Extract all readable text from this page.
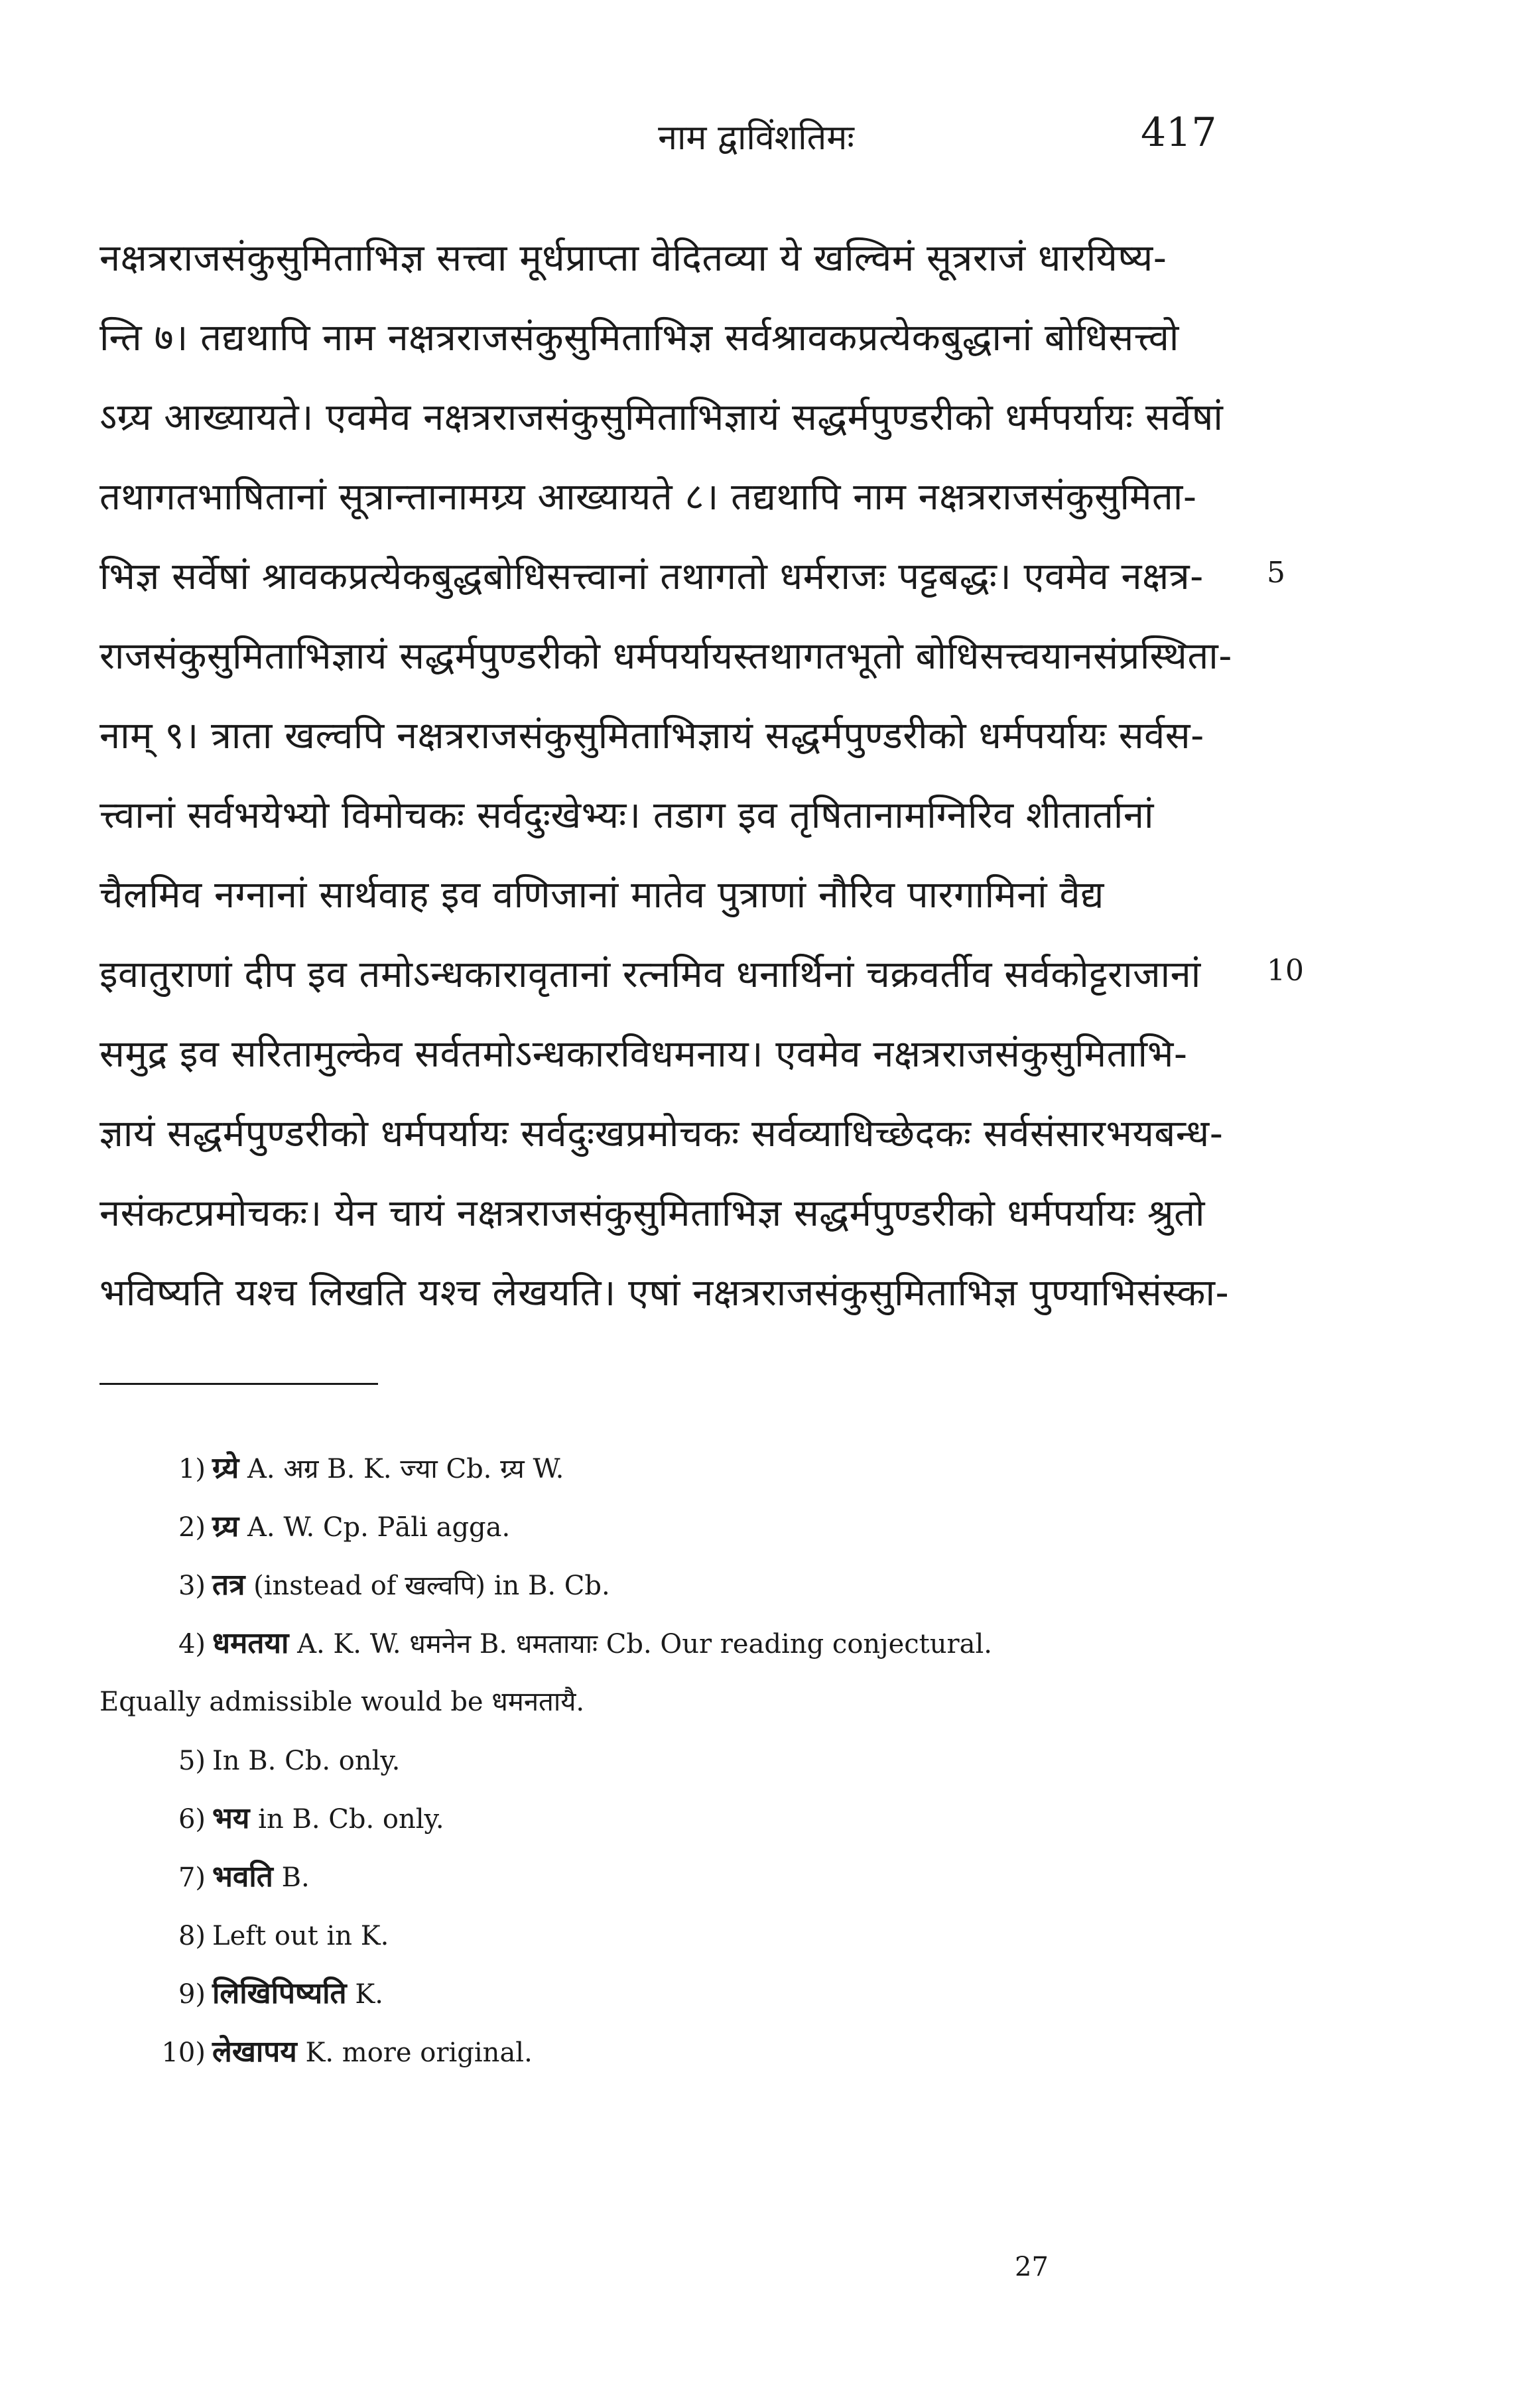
नाम द्वाविंशतिमः	417
नक्षत्रराजसंकुसुमिताभिज्ञ सत्त्वा मूर्धप्राप्ता वेदितव्या ये खल्विमं सूत्रराजं धारयिष्य-
न्ति ७। तद्यथापि नाम नक्षत्रराजसंकुसुमिताभिज्ञ सर्वश्रावकप्रत्येकबुद्धानां बोधिसत्त्वो
ऽग्र्य आख्यायते। एवमेव नक्षत्रराजसंकुसुमिताभिज्ञायं सद्धर्मपुण्डरीको धर्मपर्यायः सर्वेषां
तथागतभाषितानां सूत्रान्तानामग्र्य आख्यायते ८। तद्यथापि नाम नक्षत्रराजसंकुसुमिता-
भिज्ञ सर्वेषां श्रावकप्रत्येकबुद्धबोधिसत्त्वानां तथागतो धर्मराजः पट्टबद्धः। एवमेव नक्षत्र-
राजसंकुसुमिताभिज्ञायं सद्धर्मपुण्डरीको धर्मपर्यायस्तथागतभूतो बोधिसत्त्वयानसंप्रस्थिता-
नाम् ९। त्राता खल्वपि नक्षत्रराजसंकुसुमिताभिज्ञायं सद्धर्मपुण्डरीको धर्मपर्यायः सर्वस-
त्त्वानां सर्वभयेभ्यो विमोचकः सर्वदुःखेभ्यः। तडाग इव तृषितानामग्निरिव शीतार्तानां
चैलमिव नग्नानां सार्थवाह इव वणिजानां मातेव पुत्राणां नौरिव पारगामिनां वैद्य
इवातुराणां दीप इव तमोऽन्धकारावृतानां रत्नमिव धनार्थिनां चक्रवर्तीव सर्वकोट्टराजानां
समुद्र इव सरितामुल्केव सर्वतमोऽन्धकारविधमनाय। एवमेव नक्षत्रराजसंकुसुमिताभि-
ज्ञायं सद्धर्मपुण्डरीको धर्मपर्यायः सर्वदुःखप्रमोचकः सर्वव्याधिच्छेदकः सर्वसंसारभयबन्ध-
नसंकटप्रमोचकः। येन चायं नक्षत्रराजसंकुसुमिताभिज्ञ सद्धर्मपुण्डरीको धर्मपर्यायः श्रुतो
भविष्यति यश्च लिखति यश्च लेखयति। एषां नक्षत्रराजसंकुसुमिताभिज्ञ पुण्याभिसंस्का-
5
10
1) ग्र्ये A. अग्र B. K. ज्या Cb. ग्र्य W.
2) ग्र्य A. W. Cp. Pāli agga.
3) तत्र (instead of खल्वपि) in B. Cb.
4) धमतया A. K. W. धमनेन B. धमतायाः Cb. Our reading conjectural.
Equally admissible would be धमनतायै.
5) In B. Cb. only.
6) भय in B. Cb. only.
7) भवति B.
8) Left out in K.
9) लिखिपिष्यति K.
10) लेखापय K. more original.
27
